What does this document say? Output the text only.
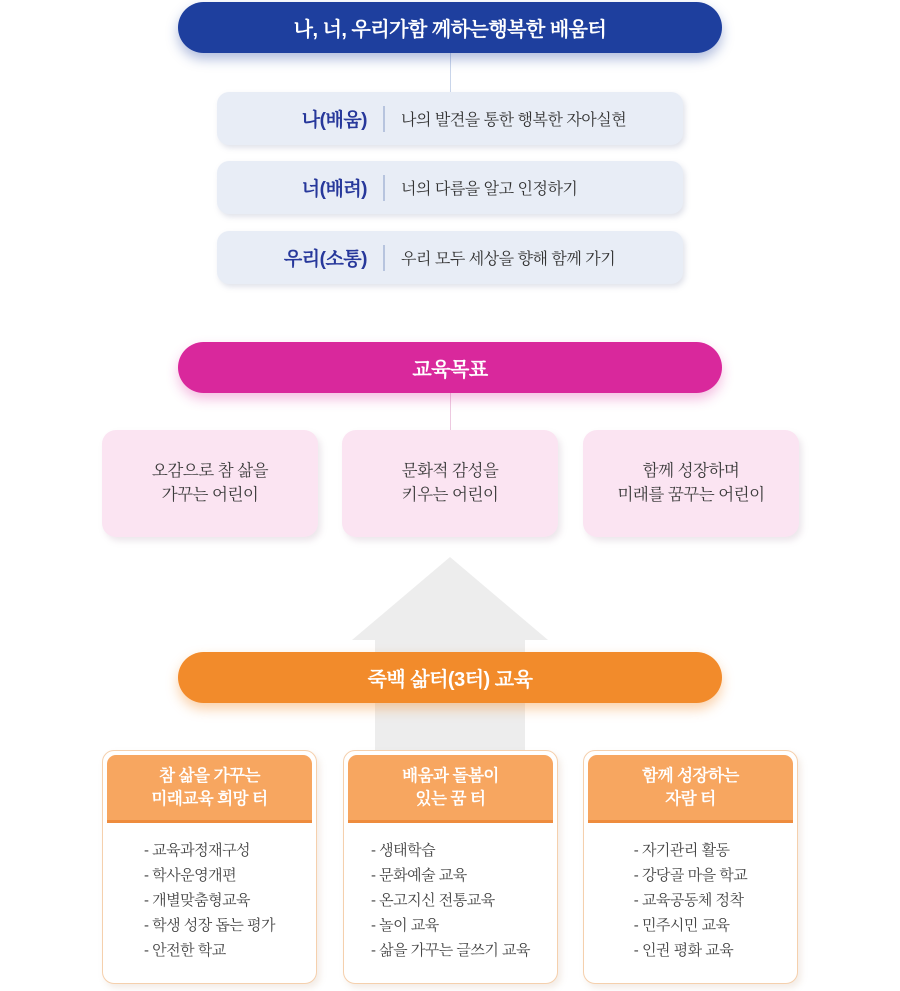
나, 너, 우리가함 께하는행복한 배움터
나(배움) 나의 발견을 통한 행복한 자아실현
너(배려) 너의 다름을 알고 인정하기
우리(소통) 우리 모두 세상을 향해 함께 가기
교육목표
오감으로 참 삶을
가꾸는 어린이
문화적 감성을
키우는 어린이
함께 성장하며
미래를 꿈꾸는 어린이
죽백 삶터(3터) 교육
참 삶을 가꾸는
미래교육 희망 터
- 교육과정재구성
- 학사운영개편
- 개별맞춤형교육
- 학생 성장 돕는 평가
- 안전한 학교
배움과 돌봄이
있는 꿈 터
- 생태학습
- 문화예술 교육
- 온고지신 전통교육
- 놀이 교육
- 삶을 가꾸는 글쓰기 교육
함께 성장하는
자람 터
- 자기관리 활동
- 강당골 마을 학교
- 교육공동체 정착
- 민주시민 교육
- 인권 평화 교육
